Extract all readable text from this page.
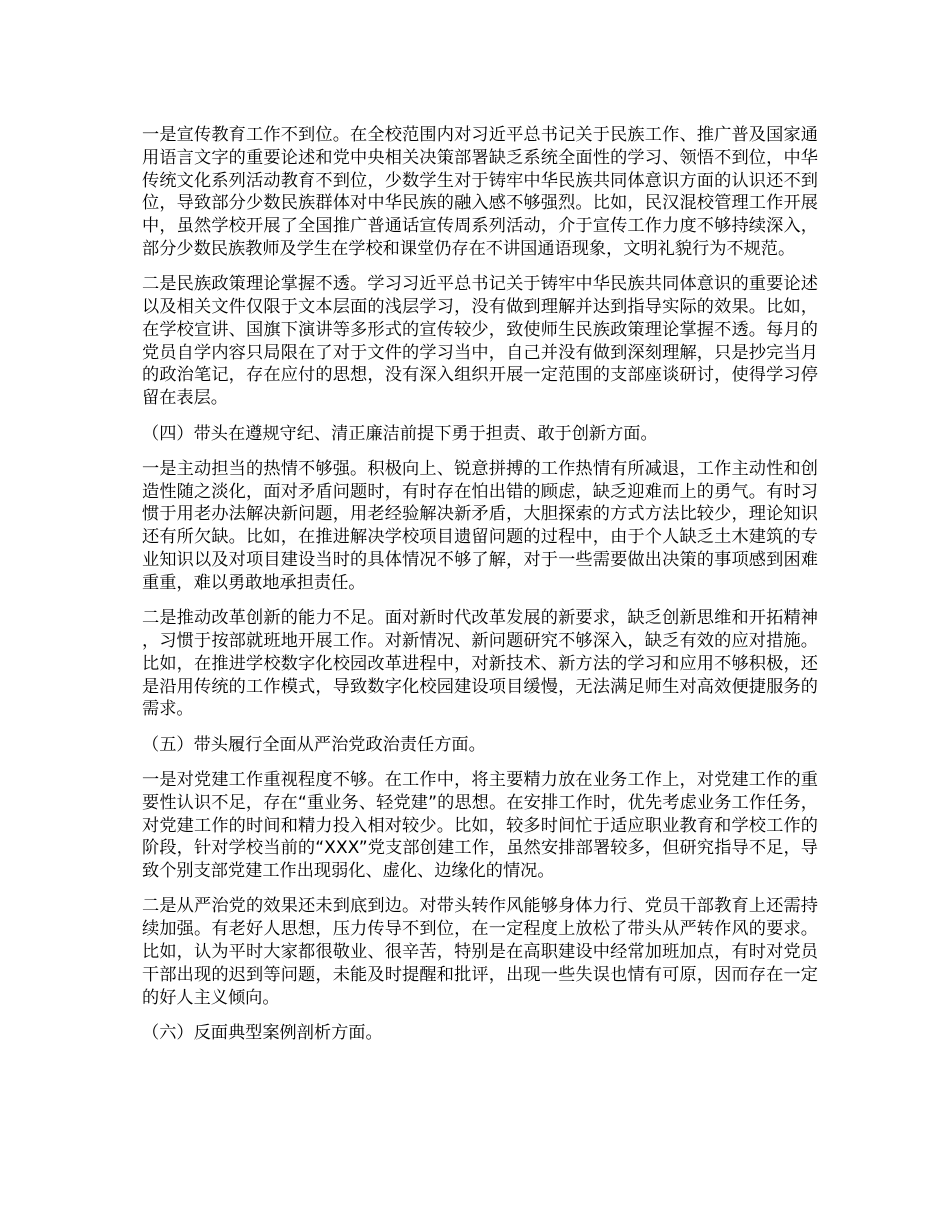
一是宣传教育工作不到位。在全校范围内对习近平总书记关于民族工作、推广普及国家通用语言文字的重要论述和党中央相关决策部署缺乏系统全面性的学习、领悟不到位，中华传统文化系列活动教育不到位，少数学生对于铸牢中华民族共同体意识方面的认识还不到位，导致部分少数民族群体对中华民族的融入感不够强烈。比如，民汉混校管理工作开展中，虽然学校开展了全国推广普通话宣传周系列活动，介于宣传工作力度不够持续深入，部分少数民族教师及学生在学校和课堂仍存在不讲国通语现象，文明礼貌行为不规范。

二是民族政策理论掌握不透。学习习近平总书记关于铸牢中华民族共同体意识的重要论述以及相关文件仅限于文本层面的浅层学习，没有做到理解并达到指导实际的效果。比如，在学校宣讲、国旗下演讲等多形式的宣传较少，致使师生民族政策理论掌握不透。每月的党员自学内容只局限在了对于文件的学习当中，自己并没有做到深刻理解，只是抄完当月的政治笔记，存在应付的思想，没有深入组织开展一定范围的支部座谈研讨，使得学习停留在表层。

（四）带头在遵规守纪、清正廉洁前提下勇于担责、敢于创新方面。

一是主动担当的热情不够强。积极向上、锐意拼搏的工作热情有所减退，工作主动性和创造性随之淡化，面对矛盾问题时，有时存在怕出错的顾虑，缺乏迎难而上的勇气。有时习惯于用老办法解决新问题，用老经验解决新矛盾，大胆探索的方式方法比较少，理论知识还有所欠缺。比如，在推进解决学校项目遗留问题的过程中，由于个人缺乏土木建筑的专业知识以及对项目建设当时的具体情况不够了解，对于一些需要做出决策的事项感到困难重重，难以勇敢地承担责任。

二是推动改革创新的能力不足。面对新时代改革发展的新要求，缺乏创新思维和开拓精神，习惯于按部就班地开展工作。对新情况、新问题研究不够深入，缺乏有效的应对措施。比如，在推进学校数字化校园改革进程中，对新技术、新方法的学习和应用不够积极，还是沿用传统的工作模式，导致数字化校园建设项目缓慢，无法满足师生对高效便捷服务的需求。

（五）带头履行全面从严治党政治责任方面。

一是对党建工作重视程度不够。在工作中，将主要精力放在业务工作上，对党建工作的重要性认识不足，存在“重业务、轻党建”的思想。在安排工作时，优先考虑业务工作任务，对党建工作的时间和精力投入相对较少。比如，较多时间忙于适应职业教育和学校工作的阶段，针对学校当前的“XXX”党支部创建工作，虽然安排部署较多，但研究指导不足，导致个别支部党建工作出现弱化、虚化、边缘化的情况。

二是从严治党的效果还未到底到边。对带头转作风能够身体力行、党员干部教育上还需持续加强。有老好人思想，压力传导不到位，在一定程度上放松了带头从严转作风的要求。比如，认为平时大家都很敬业、很辛苦，特别是在高职建设中经常加班加点，有时对党员干部出现的迟到等问题，未能及时提醒和批评，出现一些失误也情有可原，因而存在一定的好人主义倾向。

（六）反面典型案例剖析方面。
